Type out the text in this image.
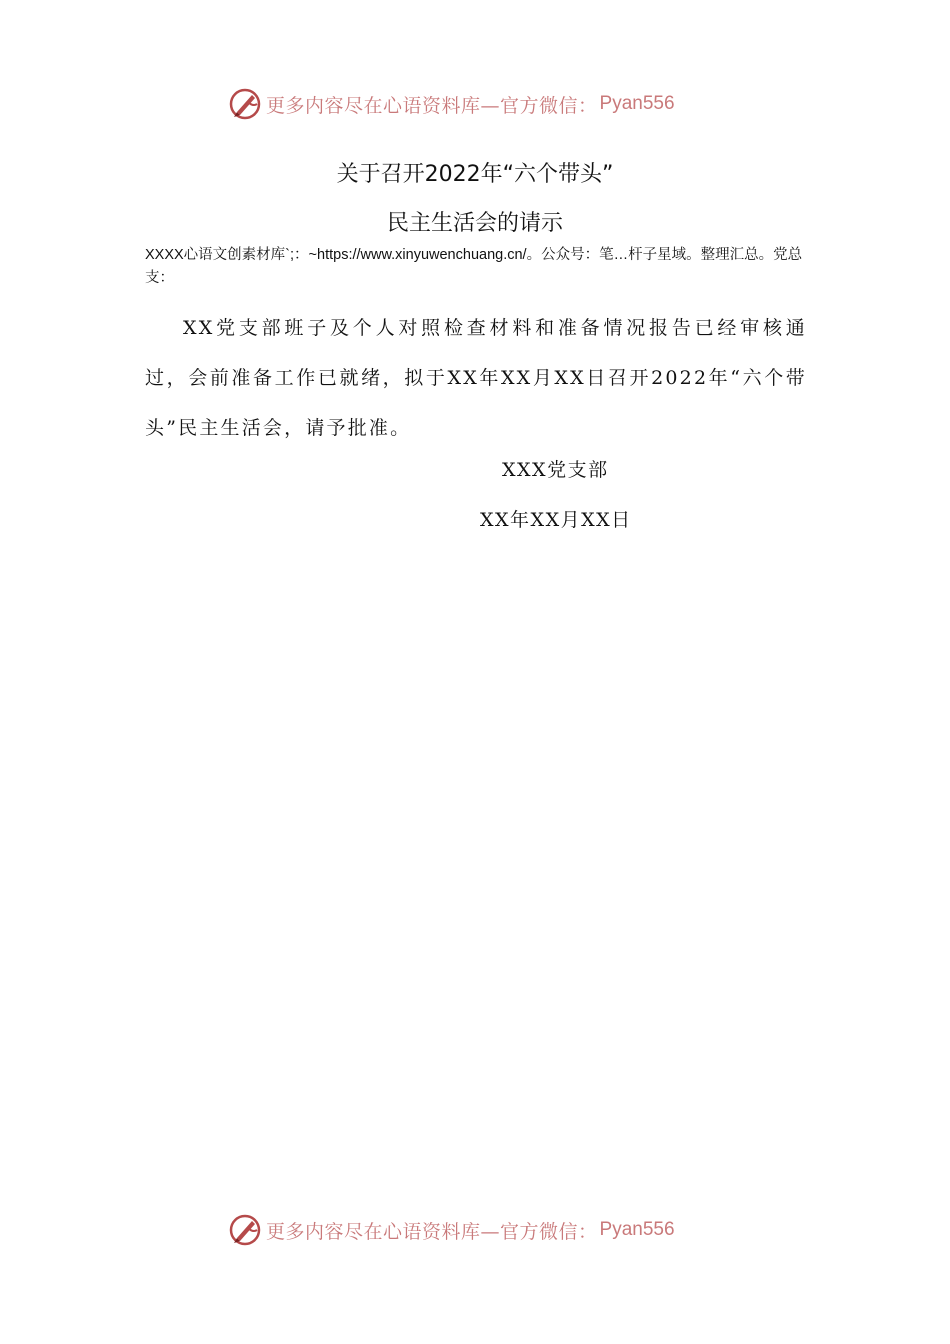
更多内容尽在心语资料库—官方微信： Pyan556
关于召开2022年“六个带头”
民主生活会的请示
XXXX心语文创素材库`;：~https://www.xinyuwenchuang.cn/。公众号：笔…杆子星域。整理汇总。党总支：

XX党支部班子及个人对照检查材料和准备情况报告已经审核通过，会前准备工作已就绪，拟于XX年XX月XX日召开2022年“六个带头”民主生活会，请予批准。

XXX党支部
XX年XX月XX日
更多内容尽在心语资料库—官方微信： Pyan556
